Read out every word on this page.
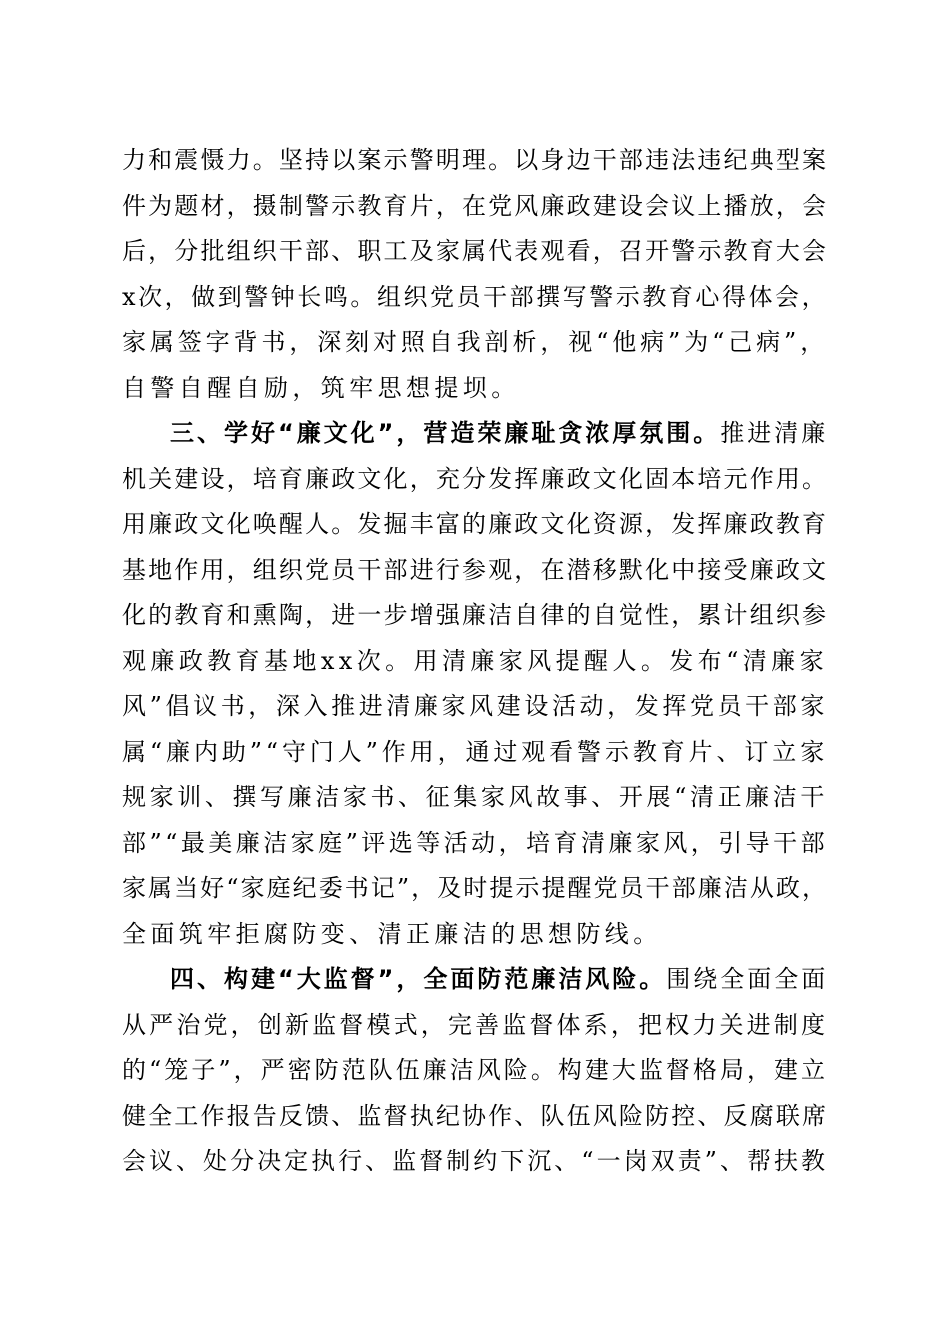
力和震慑力。坚持以案示警明理。以身边干部违法违纪典型案
件为题材，摄制警示教育片，在党风廉政建设会议上播放，会
后，分批组织干部、职工及家属代表观看，召开警示教育大会
x次，做到警钟长鸣。组织党员干部撰写警示教育心得体会，
家属签字背书，深刻对照自我剖析，视“他病”为“己病”，
自警自醒自励，筑牢思想提坝。
三、学好“廉文化”，营造荣廉耻贪浓厚氛围。推进清廉
机关建设，培育廉政文化，充分发挥廉政文化固本培元作用。
用廉政文化唤醒人。发掘丰富的廉政文化资源，发挥廉政教育
基地作用，组织党员干部进行参观，在潜移默化中接受廉政文
化的教育和熏陶，进一步增强廉洁自律的自觉性，累计组织参
观廉政教育基地xx次。用清廉家风提醒人。发布“清廉家
风”倡议书，深入推进清廉家风建设活动，发挥党员干部家
属“廉内助”“守门人”作用，通过观看警示教育片、订立家
规家训、撰写廉洁家书、征集家风故事、开展“清正廉洁干
部”“最美廉洁家庭”评选等活动，培育清廉家风，引导干部
家属当好“家庭纪委书记”，及时提示提醒党员干部廉洁从政，
全面筑牢拒腐防变、清正廉洁的思想防线。
四、构建“大监督”，全面防范廉洁风险。围绕全面全面
从严治党，创新监督模式，完善监督体系，把权力关进制度
的“笼子”，严密防范队伍廉洁风险。构建大监督格局，建立
健全工作报告反馈、监督执纪协作、队伍风险防控、反腐联席
会议、处分决定执行、监督制约下沉、“一岗双责”、帮扶教
